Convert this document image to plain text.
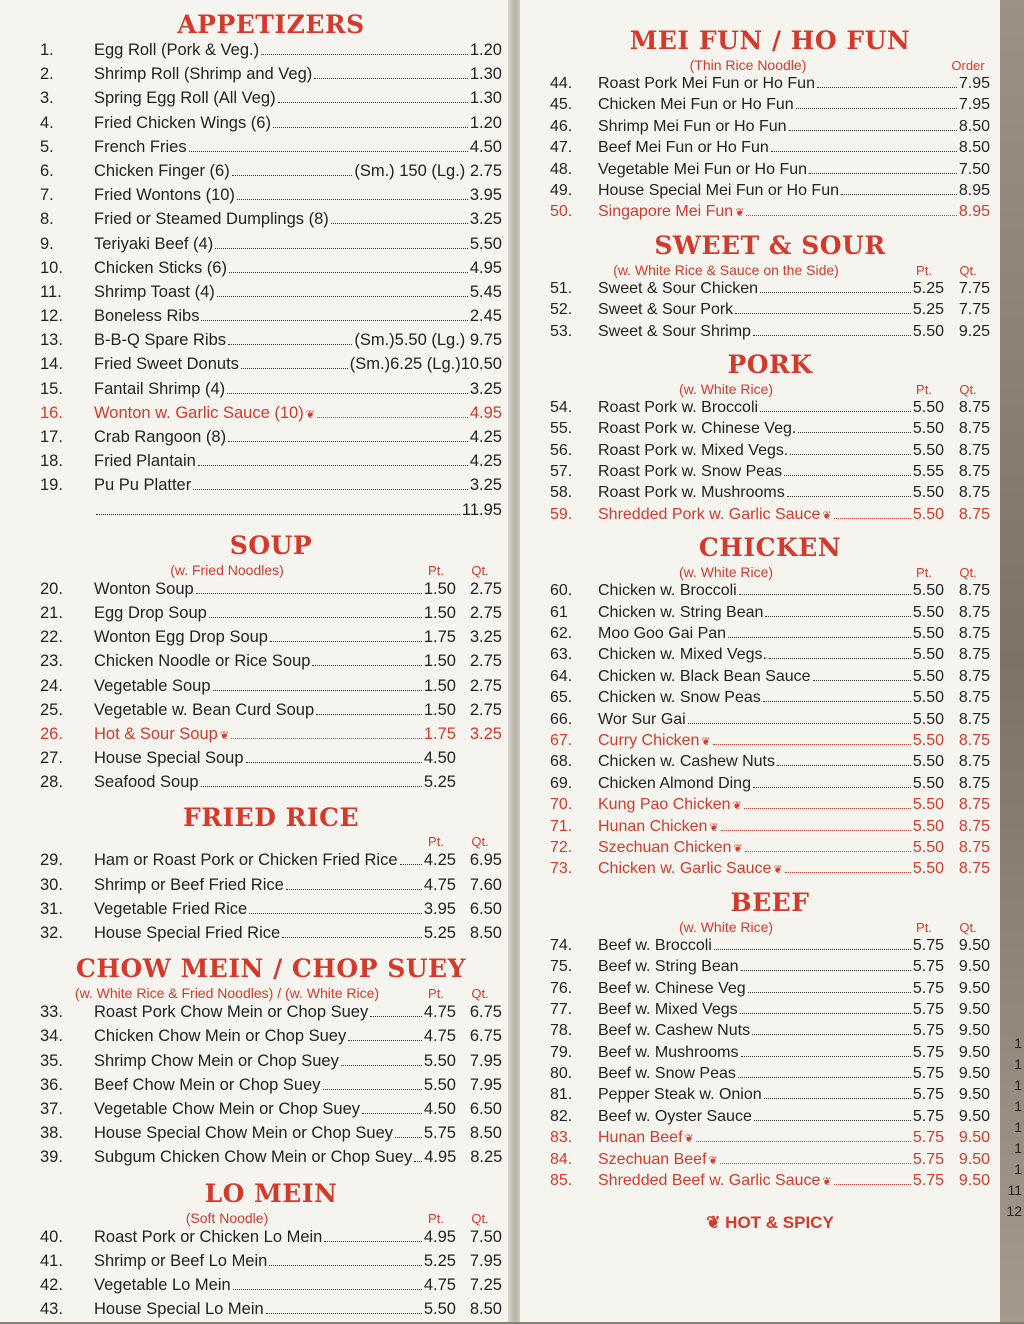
APPETIZERS
1.	Egg Roll (Pork & Veg.)	1.20
2.	Shrimp Roll (Shrimp and Veg)	1.30
3.	Spring Egg Roll (All Veg)	1.30
4.	Fried Chicken Wings (6)	1.20
5.	French Fries	4.50
6.	Chicken Finger (6)	(Sm.) 150 (Lg.) 2.75
7.	Fried Wontons (10)	3.95
8.	Fried or Steamed Dumplings (8)	3.25
9.	Teriyaki Beef (4)	5.50
10.	Chicken Sticks (6)	4.95
11.	Shrimp Toast (4)	5.45
12.	Boneless Ribs	2.45
13.	B-B-Q Spare Ribs	(Sm.)5.50 (Lg.) 9.75
14.	Fried Sweet Donuts	(Sm.)6.25 (Lg.)10.50
15.	Fantail Shrimp (4)	3.25
16.	Wonton w. Garlic Sauce (10) ❦	4.95
17.	Crab Rangoon (8)	4.25
18.	Fried Plantain	4.25
19.	Pu Pu Platter	3.25
11.95
SOUP
(w. Fried Noodles)	Pt.	Qt.
20.	Wonton Soup	1.50 2.75
21.	Egg Drop Soup	1.50 2.75
22.	Wonton Egg Drop Soup	1.75 3.25
23.	Chicken Noodle or Rice Soup	1.50 2.75
24.	Vegetable Soup	1.50 2.75
25.	Vegetable w. Bean Curd Soup	1.50 2.75
26.	Hot & Sour Soup ❦	1.75 3.25
27.	House Special Soup	4.50
28.	Seafood Soup	5.25
FRIED RICE
Pt.	Qt.
29.	Ham or Roast Pork or Chicken Fried Rice 4.25 6.95
30.	Shrimp or Beef Fried Rice	4.75 7.60
31.	Vegetable Fried Rice	3.95 6.50
32.	House Special Fried Rice	5.25 8.50
CHOW MEIN / CHOP SUEY
(w. White Rice & Fried Noodles) / (w. White Rice)	Pt.	Qt.
33.	Roast Pork Chow Mein or Chop Suey	4.75 6.75
34.	Chicken Chow Mein or Chop Suey	4.75 6.75
35.	Shrimp Chow Mein or Chop Suey	5.50 7.95
36.	Beef Chow Mein or Chop Suey	5.50 7.95
37.	Vegetable Chow Mein or Chop Suey	4.50 6.50
38.	House Special Chow Mein or Chop Suey 5.75 8.50
39.	Subgum Chicken Chow Mein or Chop Suey 4.95 8.25
LO MEIN
(Soft Noodle)	Pt.	Qt.
40.	Roast Pork or Chicken Lo Mein	4.95 7.50
41.	Shrimp or Beef Lo Mein	5.25 7.95
42.	Vegetable Lo Mein	4.75 7.25
43.	House Special Lo Mein	5.50 8.50
MEI FUN / HO FUN
(Thin Rice Noodle)	Order
44.	Roast Pork Mei Fun or Ho Fun	7.95
45.	Chicken Mei Fun or Ho Fun	7.95
46.	Shrimp Mei Fun or Ho Fun	8.50
47.	Beef Mei Fun or Ho Fun	8.50
48.	Vegetable Mei Fun or Ho Fun	7.50
49.	House Special Mei Fun or Ho Fun	8.95
50.	Singapore Mei Fun ❦	8.95
SWEET & SOUR
(w. White Rice & Sauce on the Side)	Pt.	Qt.
51.	Sweet & Sour Chicken	5.25 7.75
52.	Sweet & Sour Pork	5.25 7.75
53.	Sweet & Sour Shrimp	5.50 9.25
PORK
(w. White Rice)	Pt.	Qt.
54.	Roast Pork w. Broccoli	5.50 8.75
55.	Roast Pork w. Chinese Veg.	5.50 8.75
56.	Roast Pork w. Mixed Vegs.	5.50 8.75
57.	Roast Pork w. Snow Peas	5.55 8.75
58.	Roast Pork w. Mushrooms	5.50 8.75
59.	Shredded Pork w. Garlic Sauce ❦	5.50 8.75
CHICKEN
(w. White Rice)	Pt.	Qt.
60.	Chicken w. Broccoli	5.50 8.75
61	Chicken w. String Bean	5.50 8.75
62.	Moo Goo Gai Pan	5.50 8.75
63.	Chicken w. Mixed Vegs.	5.50 8.75
64.	Chicken w. Black Bean Sauce	5.50 8.75
65.	Chicken w. Snow Peas	5.50 8.75
66.	Wor Sur Gai	5.50 8.75
67.	Curry Chicken ❦	5.50 8.75
68.	Chicken w. Cashew Nuts	5.50 8.75
69.	Chicken Almond Ding	5.50 8.75
70.	Kung Pao Chicken ❦	5.50 8.75
71.	Hunan Chicken ❦	5.50 8.75
72.	Szechuan Chicken ❦	5.50 8.75
73.	Chicken w. Garlic Sauce ❦	5.50 8.75
BEEF
(w. White Rice)	Pt.	Qt.
74.	Beef w. Broccoli	5.75 9.50
75.	Beef w. String Bean	5.75 9.50
76.	Beef w. Chinese Veg	5.75 9.50
77.	Beef w. Mixed Vegs	5.75 9.50
78.	Beef w. Cashew Nuts	5.75 9.50
79.	Beef w. Mushrooms	5.75 9.50
80.	Beef w. Snow Peas	5.75 9.50
81.	Pepper Steak w. Onion	5.75 9.50
82.	Beef w. Oyster Sauce	5.75 9.50
83.	Hunan Beef ❦	5.75 9.50
84.	Szechuan Beef ❦	5.75 9.50
85.	Shredded Beef w. Garlic Sauce ❦	5.75 9.50
❦ HOT & SPICY
1
1
1
1
1
1
1
11
12
